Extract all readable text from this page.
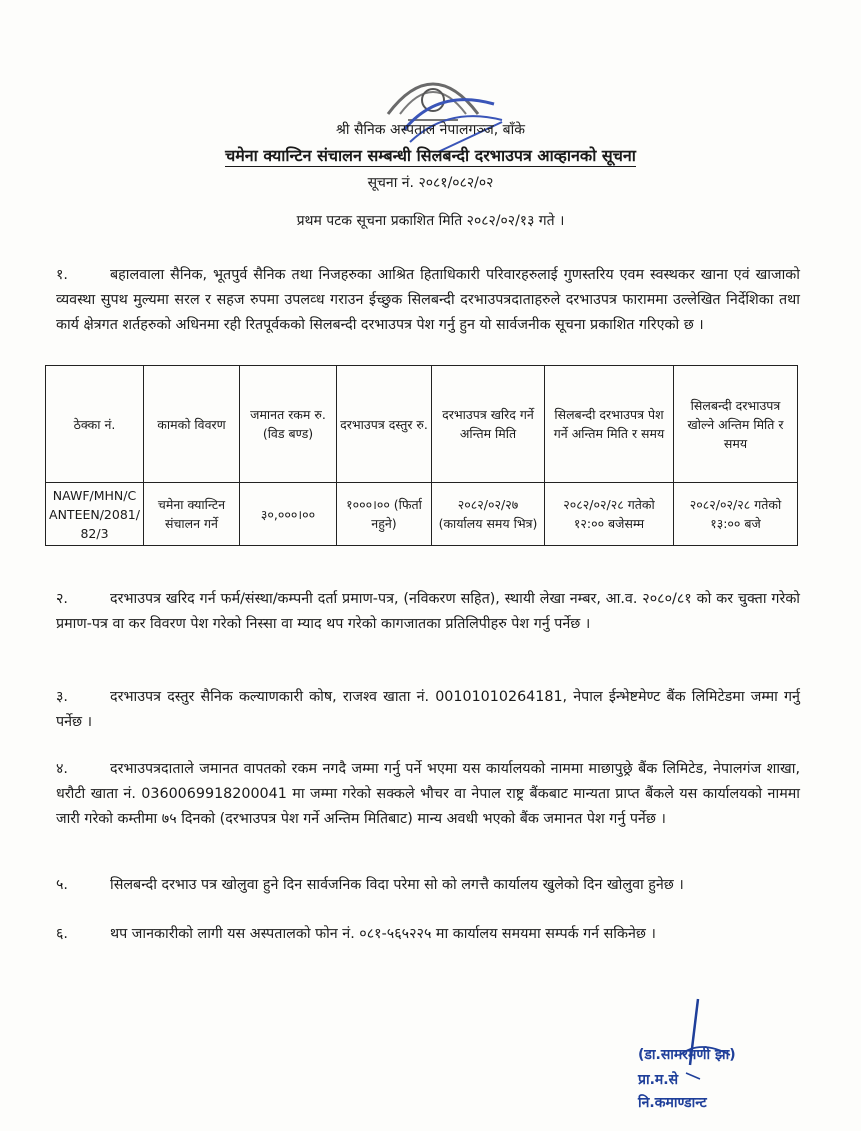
श्री सैनिक अस्पताल नेपालगञ्ज, बाँके
चमेना क्यान्टिन संचालन सम्बन्धी सिलबन्दी दरभाउपत्र आव्हानको सूचना
सूचना नं. २०८१/०८२/०२
प्रथम पटक सूचना प्रकाशित मिति २०८२/०२/१३ गते ।
१.	बहालवाला सैनिक, भूतपुर्व सैनिक तथा निजहरुका आश्रित हिताधिकारी परिवारहरुलाई गुणस्तरिय एवम स्वस्थकर खाना एवं खाजाको व्यवस्था सुपथ मुल्यमा सरल र सहज रुपमा उपलव्ध गराउन ईच्छुक सिलबन्दी दरभाउपत्रदाताहरुले दरभाउपत्र फाराममा उल्लेखित निर्देशिका तथा कार्य क्षेत्रगत शर्तहरुको अधिनमा रही रितपूर्वकको सिलबन्दी दरभाउपत्र पेश गर्नु हुन यो सार्वजनीक सूचना प्रकाशित गरिएको छ ।
ठेक्का नं.	कामको विवरण	जमानत रकम रु. (विड बण्ड)	दरभाउपत्र दस्तुर रु.	दरभाउपत्र खरिद गर्ने अन्तिम मिति	सिलबन्दी दरभाउपत्र पेश गर्ने अन्तिम मिति र समय	सिलबन्दी दरभाउपत्र खोल्ने अन्तिम मिति र समय
NAWF/MHN/CANTEEN/2081/82/3	चमेना क्यान्टिन संचालन गर्ने	३०,०००।००	१०००।०० (फिर्ता नहुने)	२०८२/०२/२७ (कार्यालय समय भित्र)	२०८२/०२/२८ गतेको १२:०० बजेसम्म	२०८२/०२/२८ गतेको १३:०० बजे
२.	दरभाउपत्र खरिद गर्न फर्म/संस्था/कम्पनी दर्ता प्रमाण-पत्र, (नविकरण सहित), स्थायी लेखा नम्बर, आ.व. २०८०/८१ को कर चुक्ता गरेको प्रमाण-पत्र वा कर विवरण पेश गरेको निस्सा वा म्याद थप गरेको कागजातका प्रतिलिपीहरु पेश गर्नु पर्नेछ ।
३.	दरभाउपत्र दस्तुर सैनिक कल्याणकारी कोष, राजश्व खाता नं. 00101010264181, नेपाल ईन्भेष्टमेण्ट बैंक लिमिटेडमा जम्मा गर्नु पर्नेछ ।
४.	दरभाउपत्रदाताले जमानत वापतको रकम नगदै जम्मा गर्नु पर्ने भएमा यस कार्यालयको नाममा माछापुछ्रे बैंक लिमिटेड, नेपालगंज शाखा, धरौटी खाता नं. 0360069918200041 मा जम्मा गरेको सक्कले भौचर वा नेपाल राष्ट्र बैंकबाट मान्यता प्राप्त बैंकले यस कार्यालयको नाममा जारी गरेको कम्तीमा ७५ दिनको (दरभाउपत्र पेश गर्ने अन्तिम मितिबाट) मान्य अवधी भएको बैंक जमानत पेश गर्नु पर्नेछ ।
५.	सिलबन्दी दरभाउ पत्र खोलुवा हुने दिन सार्वजनिक विदा परेमा सो को लगत्तै कार्यालय खुलेको दिन खोलुवा हुनेछ ।
६.	थप जानकारीको लागी यस अस्पतालको फोन नं. ०८१-५६५२२५ मा कार्यालय समयमा सम्पर्क गर्न सकिनेछ ।
(डा.सामरमणी झा)
प्रा.म.से
नि.कमाण्डान्ट
